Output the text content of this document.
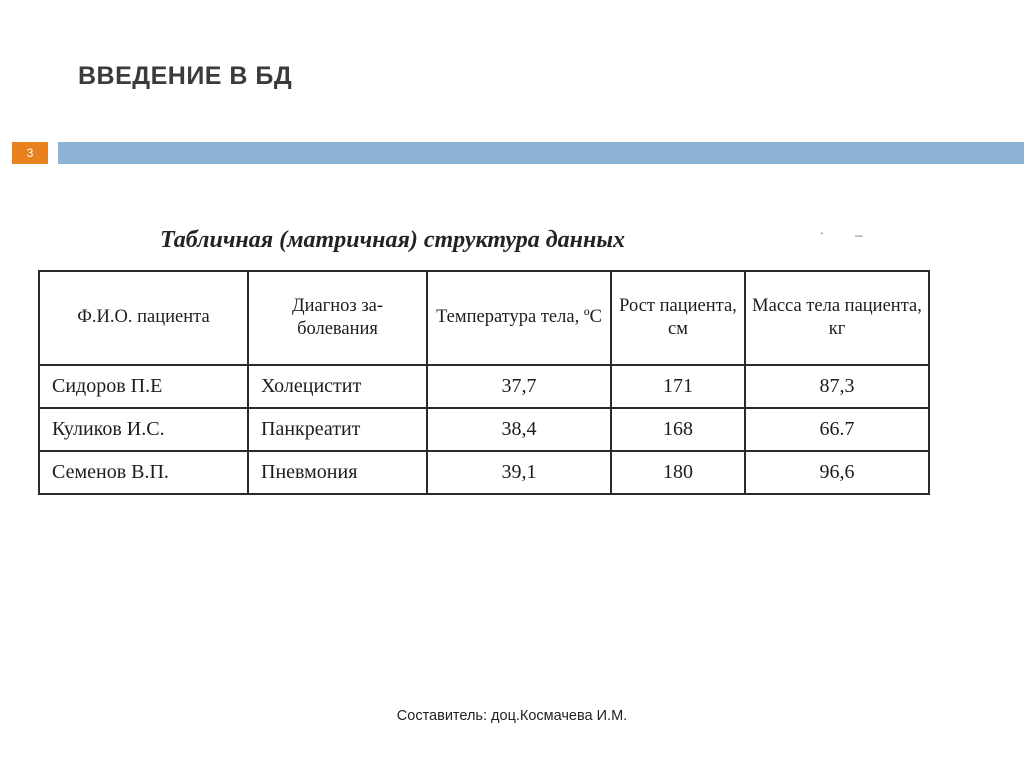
ВВЕДЕНИЕ В БД
3
Табличная (матричная) структура данных	. _
Ф.И.О. пациента	Диагноз за-болевания	Температура тела, ºС	Рост пациента, см	Масса тела пациента, кг
Сидоров П.Е	Холецистит	37,7	171	87,3
Куликов И.С.	Панкреатит	38,4	168	66.7
Семенов В.П.	Пневмония	39,1	180	96,6
Составитель: доц.Космачева И.М.
